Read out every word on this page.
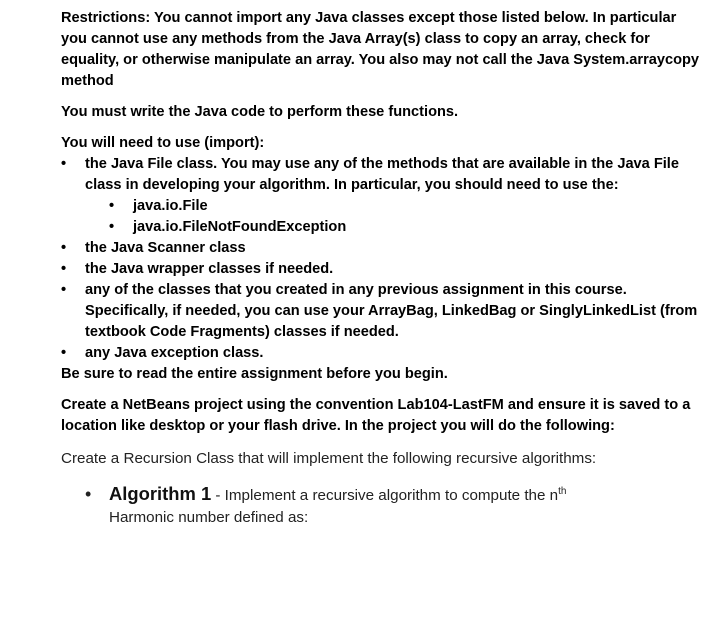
Restrictions: You cannot import any Java classes except those listed below. In particular you cannot use any methods from the Java Array(s) class to copy an array, check for equality, or otherwise manipulate an array. You also may not call the Java System.arraycopy method

You must write the Java code to perform these functions.

You will need to use (import):

• the Java File class. You may use any of the methods that are available in the Java File class in developing your algorithm. In particular, you should need to use the:
• java.io.File
• java.io.FileNotFoundException
• the Java Scanner class
• the Java wrapper classes if needed.
• any of the classes that you created in any previous assignment in this course. Specifically, if needed, you can use your ArrayBag, LinkedBag or SinglyLinkedList (from textbook Code Fragments) classes if needed.
• any Java exception class.

Be sure to read the entire assignment before you begin.

Create a NetBeans project using the convention Lab104-LastFM and ensure it is saved to a location like desktop or your flash drive. In the project you will do the following:

Create a Recursion Class that will implement the following recursive algorithms:

• Algorithm 1 - Implement a recursive algorithm to compute the $n^{th}$
Harmonic number defined as:
